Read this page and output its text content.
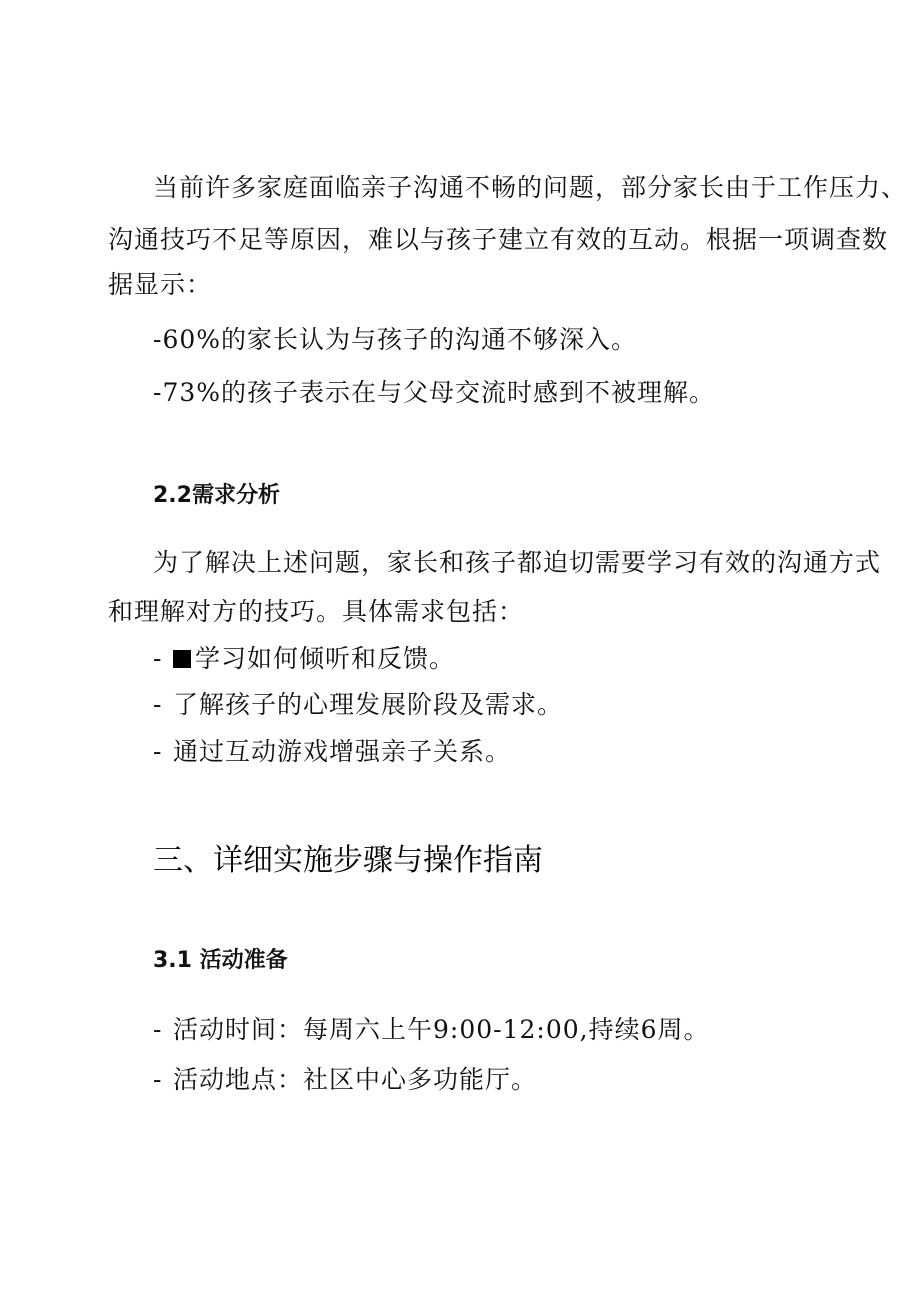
当前许多家庭面临亲子沟通不畅的问题，部分家长由于工作压力、
沟通技巧不足等原因，难以与孩子建立有效的互动。根据一项调查数
据显示：
-60%的家长认为与孩子的沟通不够深入。
-73%的孩子表示在与父母交流时感到不被理解。
2.2需求分析
为了解决上述问题，家长和孩子都迫切需要学习有效的沟通方式
和理解对方的技巧。具体需求包括：
- 学习如何倾听和反馈。
- 了解孩子的心理发展阶段及需求。
- 通过互动游戏增强亲子关系。
三、详细实施步骤与操作指南
3.1 活动准备
- 活动时间：每周六上午9:00-12:00,持续6周。
- 活动地点：社区中心多功能厅。
